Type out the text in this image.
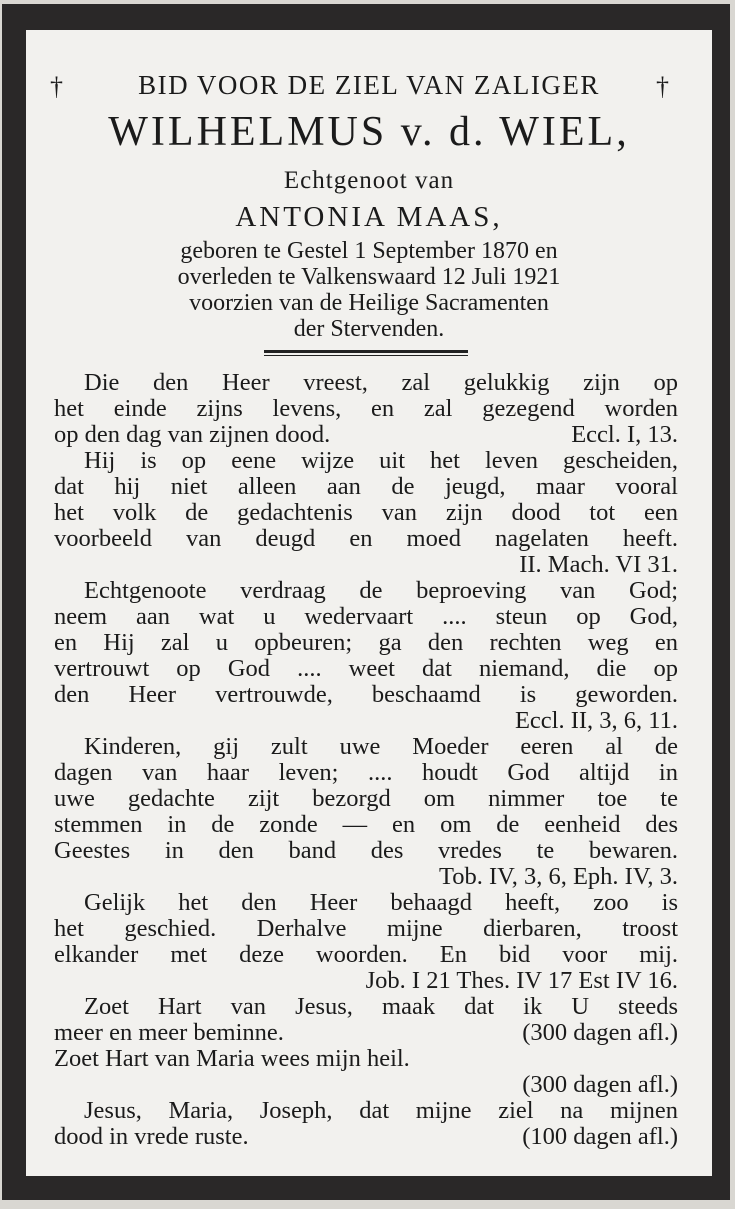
†	†
BID VOOR DE ZIEL VAN ZALIGER
WILHELMUS v. d. WIEL,
Echtgenoot van
ANTONIA MAAS,
geboren te Gestel 1 September 1870 en
overleden te Valkenswaard 12 Juli 1921
voorzien van de Heilige Sacramenten
der Stervenden.
Die den Heer vreest, zal gelukkig zijn op
het einde zijns levens, en zal gezegend worden
op den dag van zijnen dood.	Eccl. I, 13.
Hij is op eene wijze uit het leven gescheiden,
dat hij niet alleen aan de jeugd, maar vooral
het volk de gedachtenis van zijn dood tot een
voorbeeld van deugd en moed nagelaten heeft.
II. Mach. VI 31.
Echtgenoote verdraag de beproeving van God;
neem aan wat u wedervaart .... steun op God,
en Hij zal u opbeuren; ga den rechten weg en
vertrouwt op God .... weet dat niemand, die op
den Heer vertrouwde, beschaamd is geworden.
Eccl. II, 3, 6, 11.
Kinderen, gij zult uwe Moeder eeren al de
dagen van haar leven; .... houdt God altijd in
uwe gedachte zijt bezorgd om nimmer toe te
stemmen in de zonde — en om de eenheid des
Geestes in den band des vredes te bewaren.
Tob. IV, 3, 6, Eph. IV, 3.
Gelijk het den Heer behaagd heeft, zoo is
het geschied. Derhalve mijne dierbaren, troost
elkander met deze woorden. En bid voor mij.
Job. I 21 Thes. IV 17 Est IV 16.
Zoet Hart van Jesus, maak dat ik U steeds
meer en meer beminne.	(300 dagen afl.)
Zoet Hart van Maria wees mijn heil.
(300 dagen afl.)
Jesus, Maria, Joseph, dat mijne ziel na mijnen
dood in vrede ruste.	(100 dagen afl.)
